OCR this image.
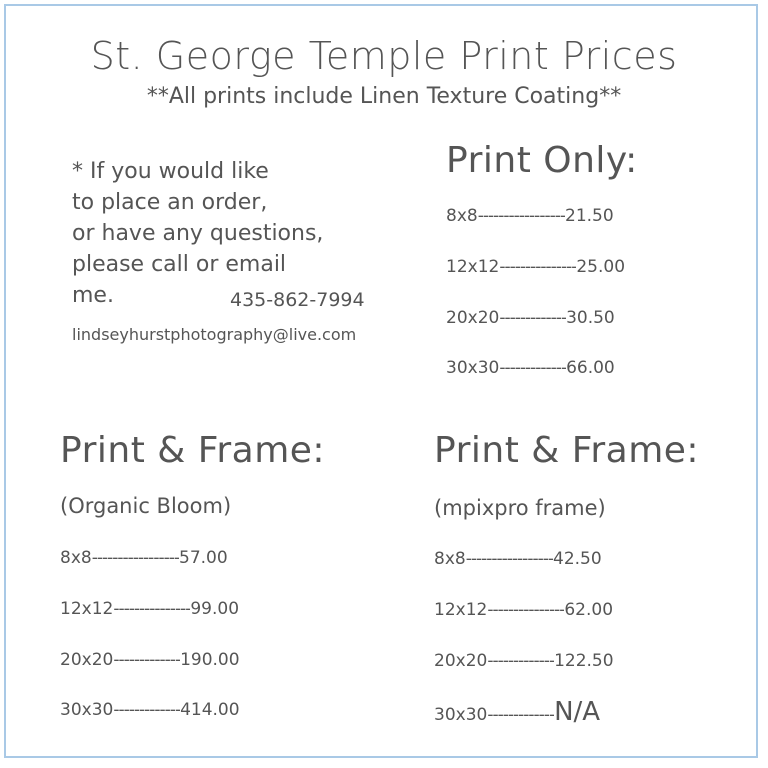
St. George Temple Print Prices
**All prints include Linen Texture Coating**
* If you would like
to place an order,
or have any questions,
please call or email
me.	435-862-7994
lindseyhurstphotography@live.com
Print Only:
8x8 ----------------- 21.50
12x12 --------------- 25.00
20x20 ------------- 30.50
30x30 ------------- 66.00
Print & Frame:
(Organic Bloom)
8x8 ----------------- 57.00
12x12 --------------- 99.00
20x20 ------------- 190.00
30x30 ------------- 414.00
Print & Frame:
(mpixpro frame)
8x8 ----------------- 42.50
12x12 --------------- 62.00
20x20 ------------- 122.50
30x30 ------------- N/A
